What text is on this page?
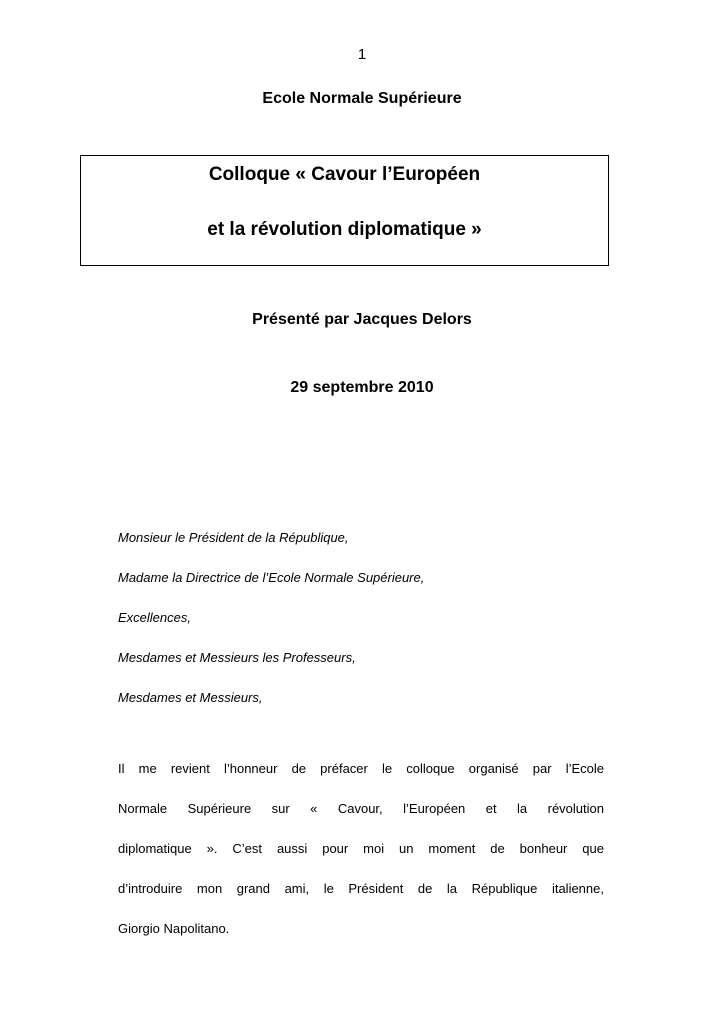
1
Ecole Normale Supérieure
Colloque « Cavour l’Européen
et la révolution diplomatique »
Présenté par Jacques Delors
29 septembre 2010
Monsieur le Président de la République,
Madame la Directrice de l’Ecole Normale Supérieure,
Excellences,
Mesdames et Messieurs les Professeurs,
Mesdames et Messieurs,
Il me revient l’honneur de préfacer le colloque organisé par l’Ecole
Normale Supérieure sur « Cavour, l’Européen et la révolution
diplomatique ». C’est aussi pour moi un moment de bonheur que
d’introduire mon grand ami, le Président de la République italienne,
Giorgio Napolitano.
